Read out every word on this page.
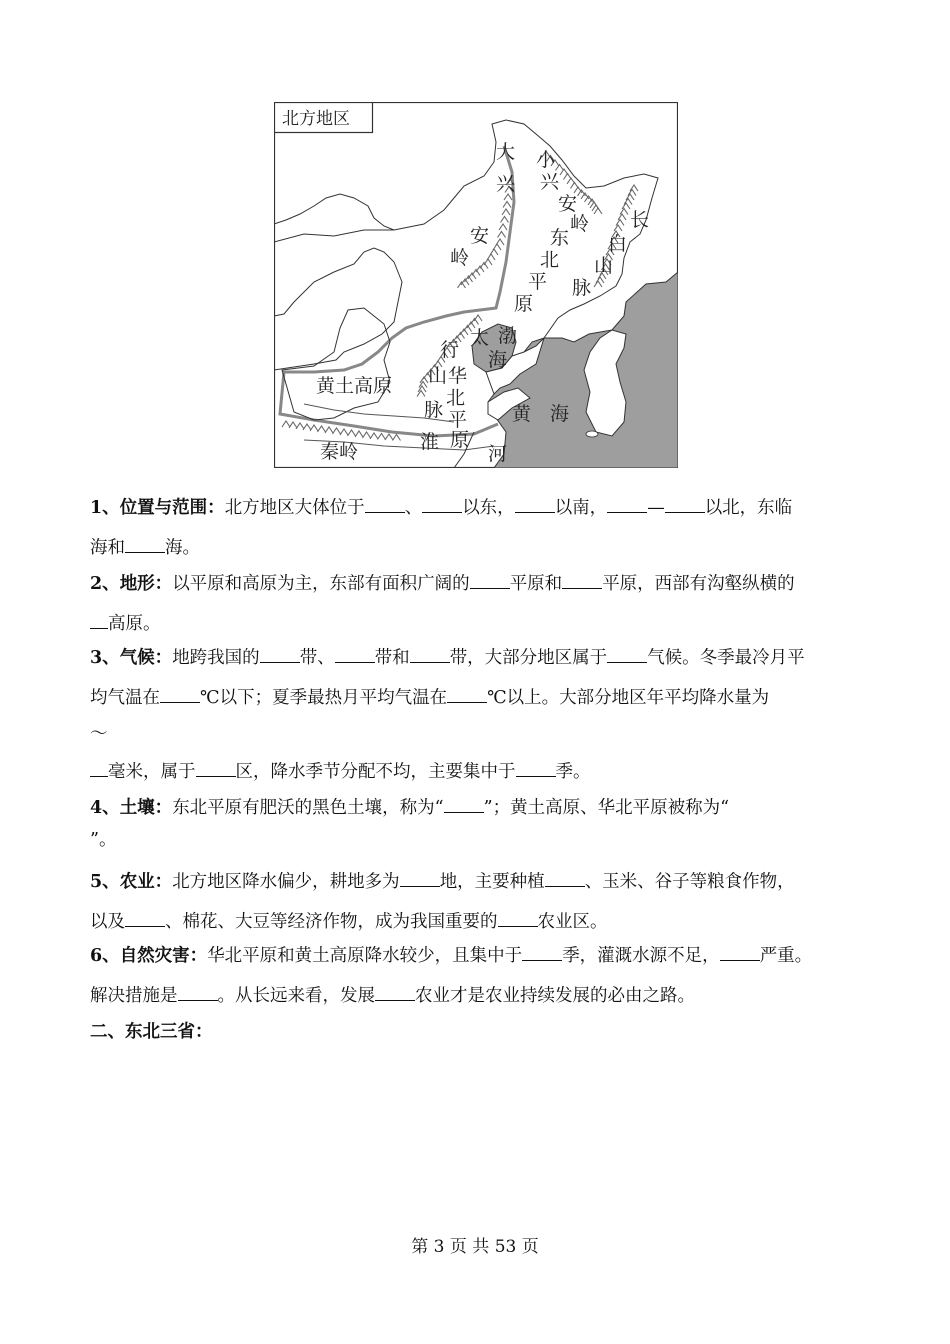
北方地区
大
兴
安
岭
小
兴
安
岭 长
白
山
脉
东
北
平
原
太
行
山
脉
渤
海
黄土高原	华
北
平
原
黄 海
秦岭	淮
河
1、位置与范围：北方地区大体位于 、 以东， 以南， — 以北，东临
海和 海。
2、地形：以平原和高原为主，东部有面积广阔的 平原和 平原，西部有沟壑纵横的
高原。
3、气候：地跨我国的 带、 带和 带，大部分地区属于 气候。冬季最冷月平
均气温在 ℃以下；夏季最热月平均气温在 ℃以上。大部分地区年平均降水量为
～
毫米，属于 区，降水季节分配不均，主要集中于 季。
4、土壤：东北平原有肥沃的黑色土壤，称为“ ”；黄土高原、华北平原被称为“
”。
5、农业：北方地区降水偏少，耕地多为 地，主要种植 、玉米、谷子等粮食作物，
以及 、棉花、大豆等经济作物，成为我国重要的 农业区。
6、自然灾害：华北平原和黄土高原降水较少，且集中于 季，灌溉水源不足， 严重。
解决措施是 。从长远来看，发展 农业才是农业持续发展的必由之路。
二、东北三省：
第 3 页 共 53 页
